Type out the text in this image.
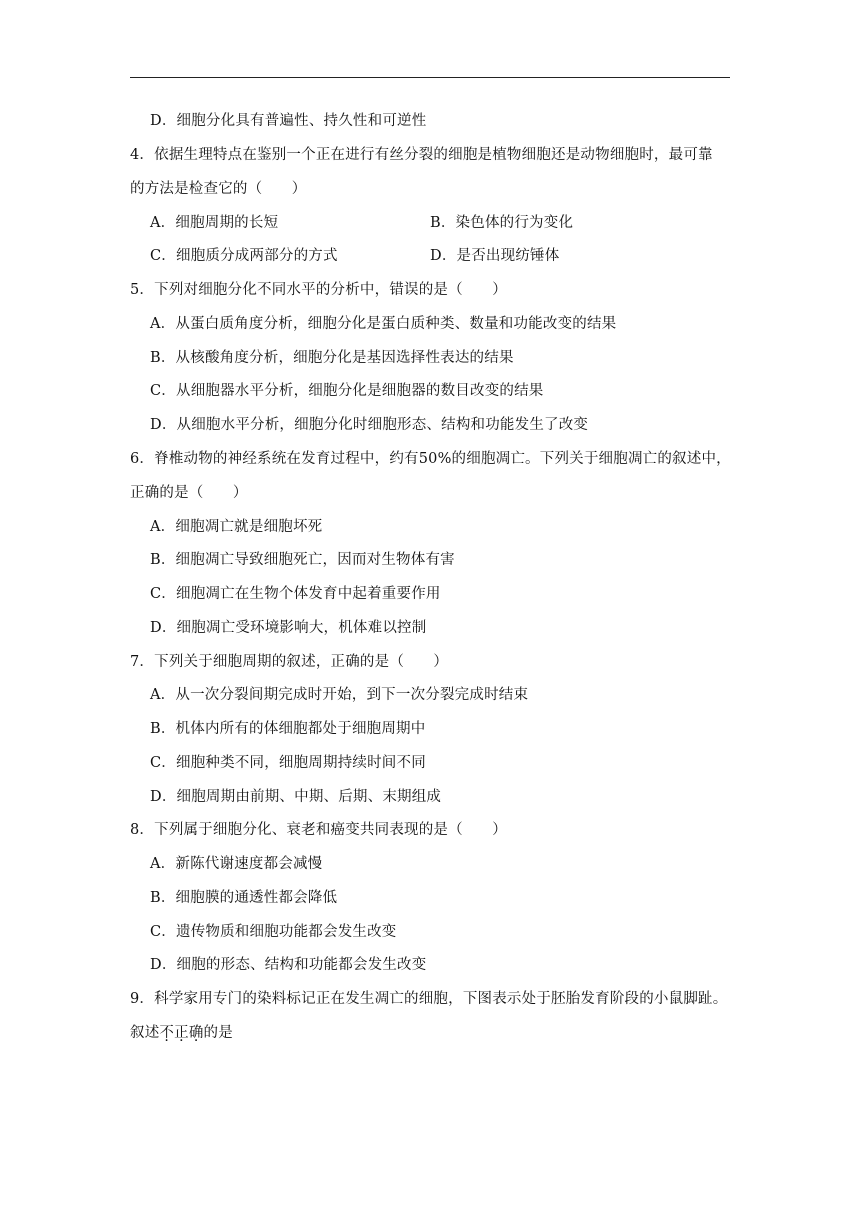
D．细胞分化具有普遍性、持久性和可逆性
4．依据生理特点在鉴别一个正在进行有丝分裂的细胞是植物细胞还是动物细胞时，最可靠
的方法是检查它的（　　）
A．细胞周期的长短	B．染色体的行为变化
C．细胞质分成两部分的方式	D．是否出现纺锤体
5．下列对细胞分化不同水平的分析中，错误的是（　　）
A．从蛋白质角度分析，细胞分化是蛋白质种类、数量和功能改变的结果
B．从核酸角度分析，细胞分化是基因选择性表达的结果
C．从细胞器水平分析，细胞分化是细胞器的数目改变的结果
D．从细胞水平分析，细胞分化时细胞形态、结构和功能发生了改变
6．脊椎动物的神经系统在发育过程中，约有50%的细胞凋亡。下列关于细胞凋亡的叙述中，
正确的是（　　）
A．细胞凋亡就是细胞坏死
B．细胞凋亡导致细胞死亡，因而对生物体有害
C．细胞凋亡在生物个体发育中起着重要作用
D．细胞凋亡受环境影响大，机体难以控制
7．下列关于细胞周期的叙述，正确的是（　　）
A．从一次分裂间期完成时开始，到下一次分裂完成时结束
B．机体内所有的体细胞都处于细胞周期中
C．细胞种类不同，细胞周期持续时间不同
D．细胞周期由前期、中期、后期、末期组成
8．下列属于细胞分化、衰老和癌变共同表现的是（　　）
A．新陈代谢速度都会减慢
B．细胞膜的通透性都会降低
C．遗传物质和细胞功能都会发生改变
D．细胞的形态、结构和功能都会发生改变
9．科学家用专门的染料标记正在发生凋亡的细胞，下图表示处于胚胎发育阶段的小鼠脚趾。
叙述不正确的是
